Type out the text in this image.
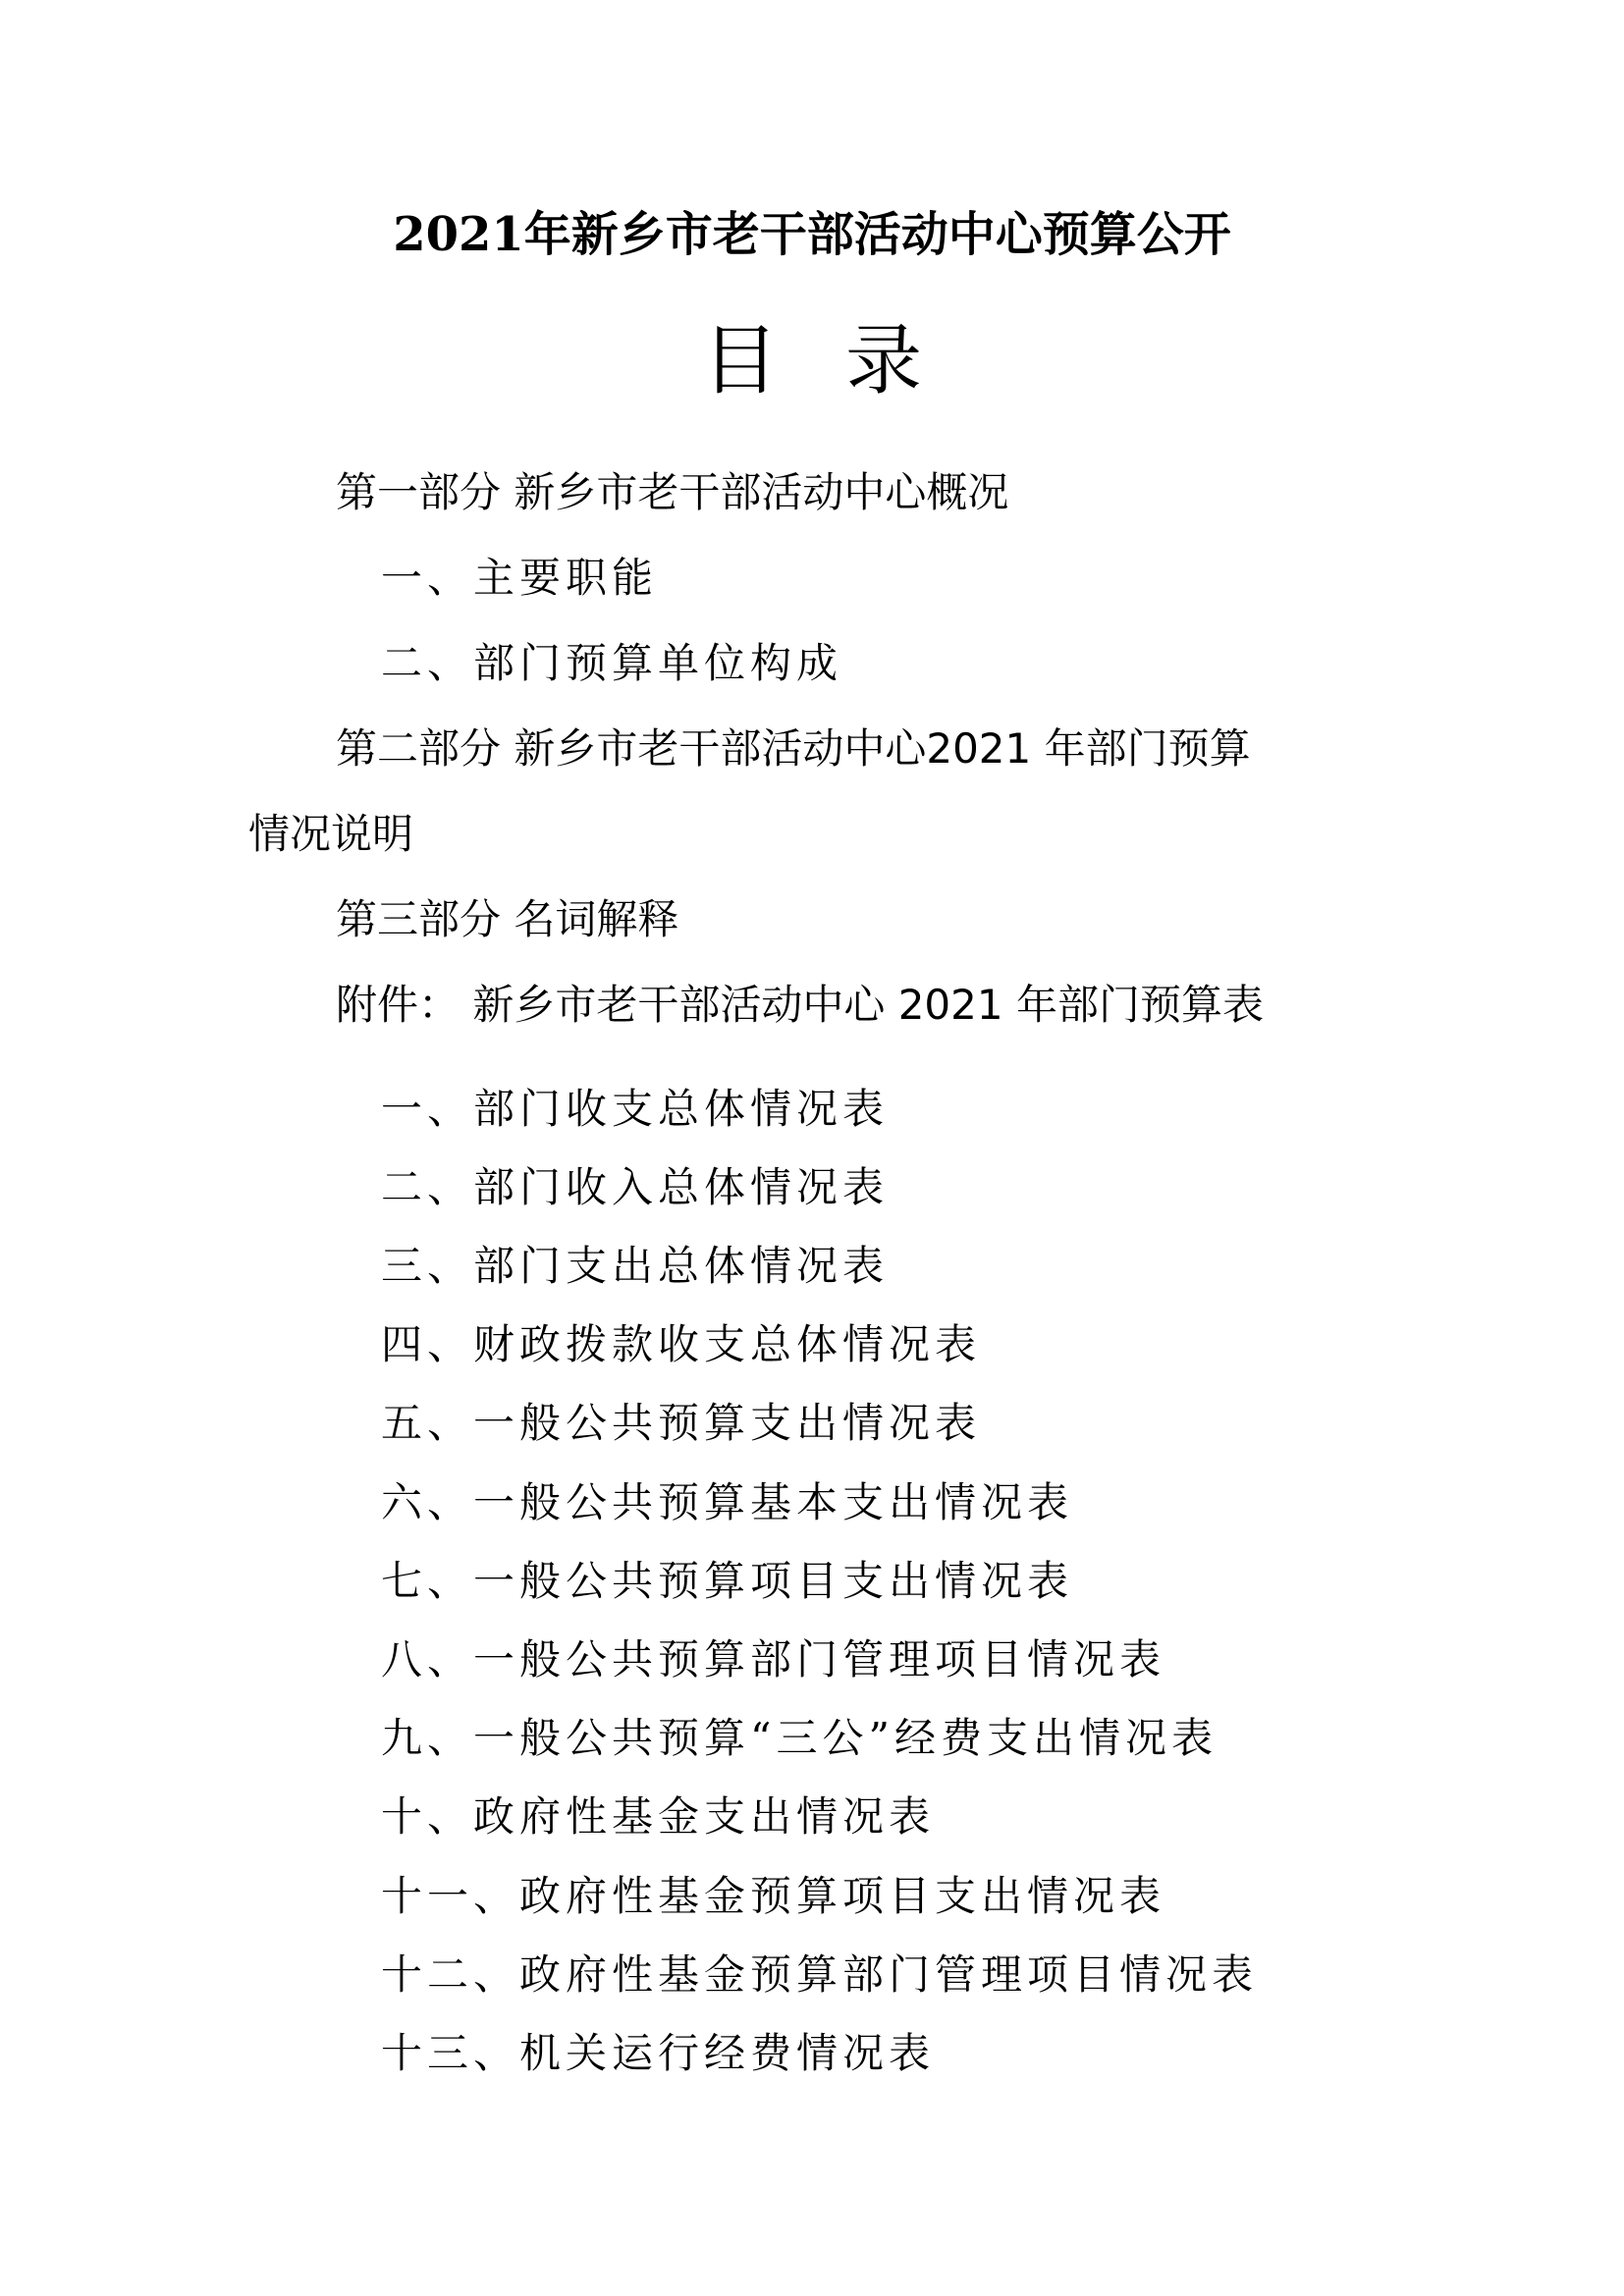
2021年新乡市老干部活动中心预算公开
目 录
第一部分 新乡市老干部活动中心概况
一、主要职能
二、部门预算单位构成
第二部分 新乡市老干部活动中心2021 年部门预算
情况说明
第三部分 名词解释
附件： 新乡市老干部活动中心 2021 年部门预算表
一、部门收支总体情况表
二、部门收入总体情况表
三、部门支出总体情况表
四、财政拨款收支总体情况表
五、一般公共预算支出情况表
六、一般公共预算基本支出情况表
七、一般公共预算项目支出情况表
八、一般公共预算部门管理项目情况表
九、一般公共预算“三公”经费支出情况表
十、政府性基金支出情况表
十一、政府性基金预算项目支出情况表
十二、政府性基金预算部门管理项目情况表
十三、机关运行经费情况表
